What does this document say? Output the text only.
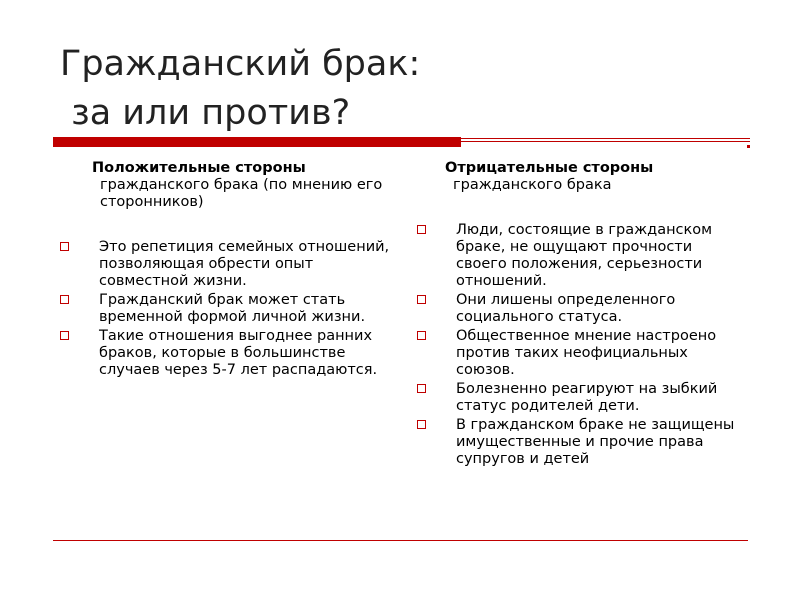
Гражданский брак:
за или против?
Положительные стороны
гражданского брака (по мнению его сторонников)
Это репетиция семейных отношений, позволяющая обрести опыт совместной жизни.
Гражданский брак может стать временной формой личной жизни.
Такие отношения выгоднее ранних браков, которые в большинстве случаев через 5-7 лет распадаются.
Отрицательные стороны
гражданского брака
Люди, состоящие в гражданском браке, не ощущают прочности своего положения, серьезности отношений.
Они лишены определенного социального статуса.
Общественное мнение настроено против таких неофициальных союзов.
Болезненно реагируют на зыбкий статус родителей дети.
В гражданском браке не защищены имущественные и прочие права супругов и детей
